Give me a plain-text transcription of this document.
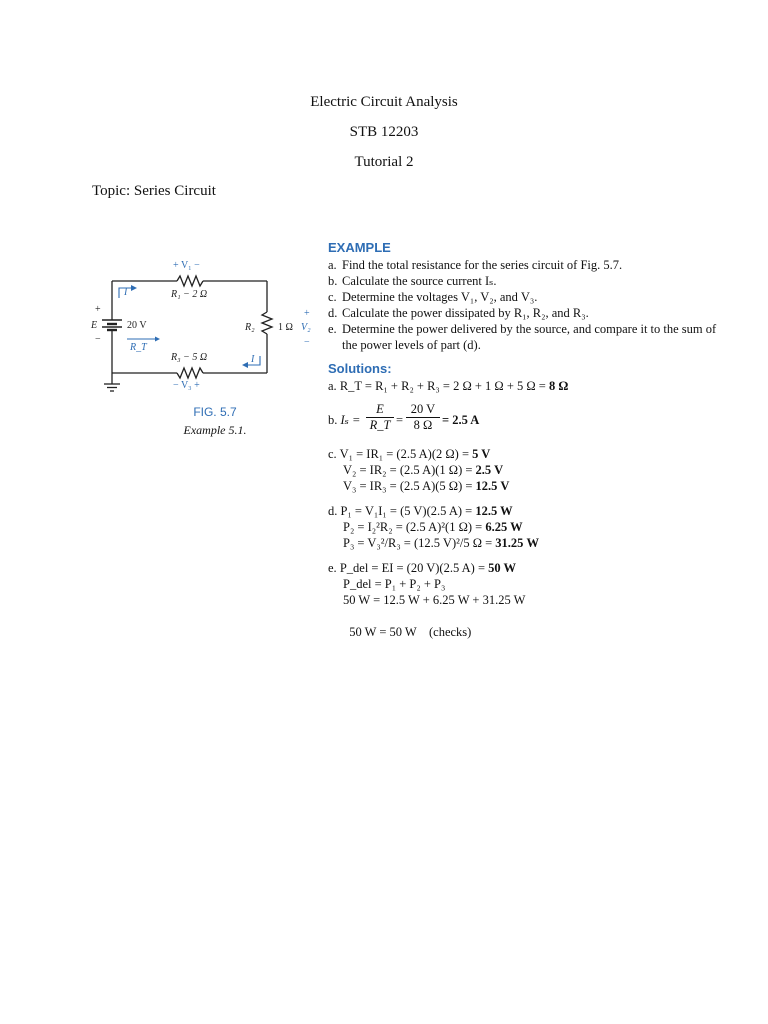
Electric Circuit Analysis
STB 12203
Tutorial 2
Topic: Series Circuit
+ V₁ −
R₁ − 2 Ω
I
R₂ 1 Ω V₂
+
−
R₃ − 5 Ω	I
− V₃ +
+
E
−
20 V
R_T
FIG. 5.7
Example 5.1.
EXAMPLE
a. Find the total resistance for the series circuit of Fig. 5.7.
b. Calculate the source current Iₛ.
c. Determine the voltages V₁, V₂, and V₃.
d. Calculate the power dissipated by R₁, R₂, and R₃.
e. Determine the power delivered by the source, and compare it to the sum of the power levels of part (d).
Solutions:
a. R_T = R₁ + R₂ + R₃ = 2 Ω + 1 Ω + 5 Ω = 8 Ω
b. $I_s = \frac{E}{R\_T} = \frac{20 V}{8 \Omega} = 2.5$ A
c. V₁ = IR₁ = (2.5 A)(2 Ω) = 5 V
V₂ = IR₂ = (2.5 A)(1 Ω) = 2.5 V
V₃ = IR₃ = (2.5 A)(5 Ω) = 12.5 V
d. P₁ = V₁I₁ = (5 V)(2.5 A) = 12.5 W
P₂ = I₂²R₂ = (2.5 A)²(1 Ω) = 6.25 W
P₃ = V₃²/R₃ = (12.5 V)²/5 Ω = 31.25 W
e. P_del = EI = (20 V)(2.5 A) = 50 W
P_del = P₁ + P₂ + P₃
50 W = 12.5 W + 6.25 W + 31.25 W

50 W = 50 W    (checks)
